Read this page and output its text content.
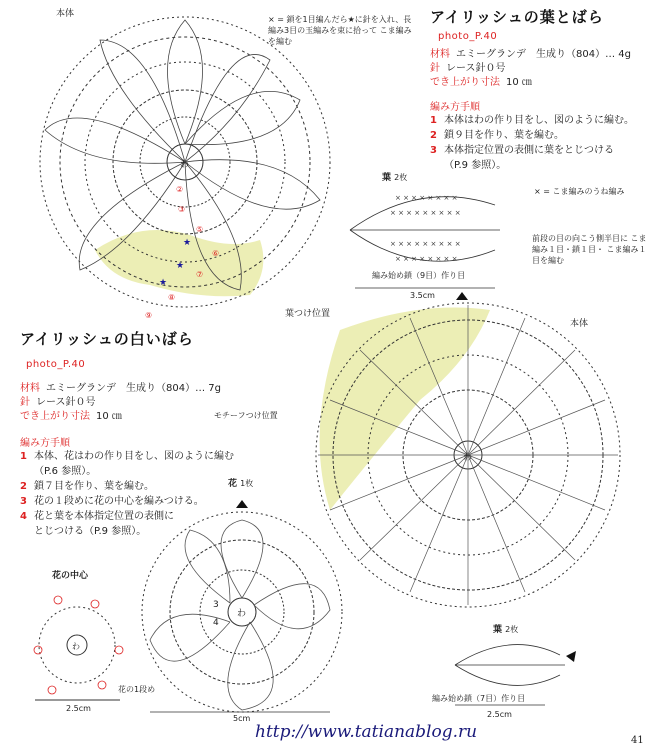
わ
②
③
⑤
⑥
⑦
⑧
⑨
★
★
★
× × × × × × × ×
× × × × × × × × ×
× × × × × × × × ×
× × × × × × × ×
わ
わ
3
4
わ
本体
× = 鎖を1目編んだら★に針を入れ、長編み3目の玉編みを束に拾って こま編みを編む
葉つけ位置
アイリッシュの葉とばら
photo_P.40
材料 エミーグランデ　生成り（804）… 4g
針 レース針０号
でき上がり寸法 10 ㎝
編み方手順
1 本体はわの作り目をし、図のように編む。
2 鎖９目を作り、葉を編む。
3 本体指定位置の表側に葉をとじつける
（P.9 参照）。
葉 2枚
× = こま編みのうね編み
前段の目の向こう側半目に こま編み１目・鎖１目・ こま編み１目を編む
編み始め鎖（9目）作り目
3.5cm
アイリッシュの白いばら
photo_P.40
材料 エミーグランデ　生成り（804）… 7g
針 レース針０号
でき上がり寸法 10 ㎝
編み方手順
1 本体、花はわの作り目をし、図のように編む
（P.6 参照）。
2 鎖７目を作り、葉を編む。
3 花の１段めに花の中心を編みつける。
4 花と葉を本体指定位置の表側に
とじつける（P.9 参照）。
本体
モチーフつけ位置
花 1枚
花の中心
花の1段め
2.5cm
葉 2枚
編み始め鎖（7目）作り目
2.5cm
5cm
http://www.tatianablog.ru	41
